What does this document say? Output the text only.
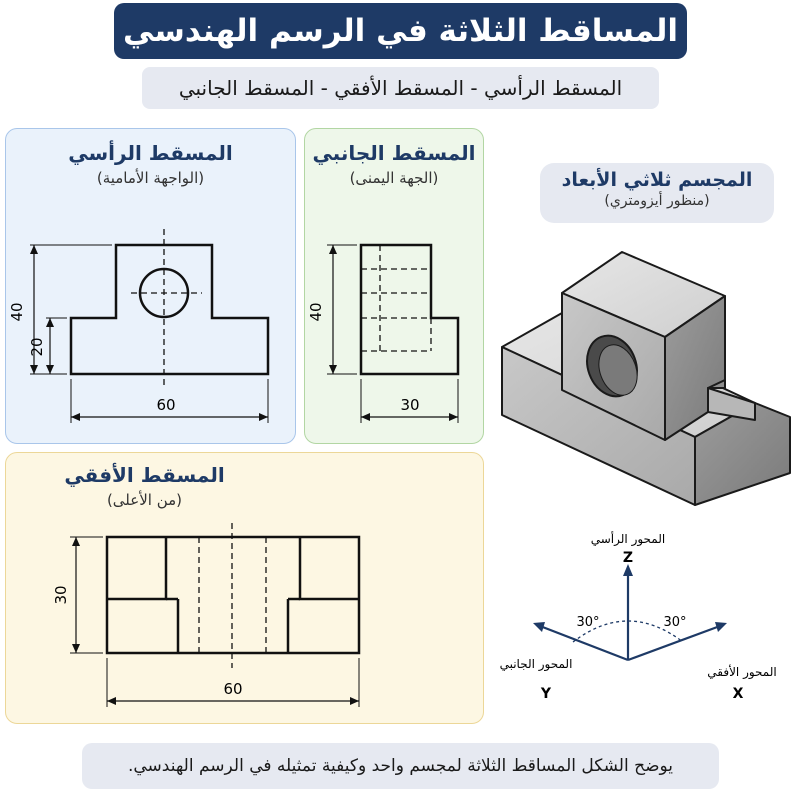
المساقط الثلاثة في الرسم الهندسي
المسقط الرأسي - المسقط الأفقي - المسقط الجانبي
المسقط الرأسي
(الواجهة الأمامية)
40
20
60
المسقط الجانبي
(الجهة اليمنى)
40
30
المسقط الأفقي
(من الأعلى)
30
60
المجسم ثلاثي الأبعاد
(منظور أيزومتري)
المحور الرأسي
Z
المحور الجانبي
Y
المحور الأفقي
X
30°	30°
يوضح الشكل المساقط الثلاثة لمجسم واحد وكيفية تمثيله في الرسم الهندسي.
